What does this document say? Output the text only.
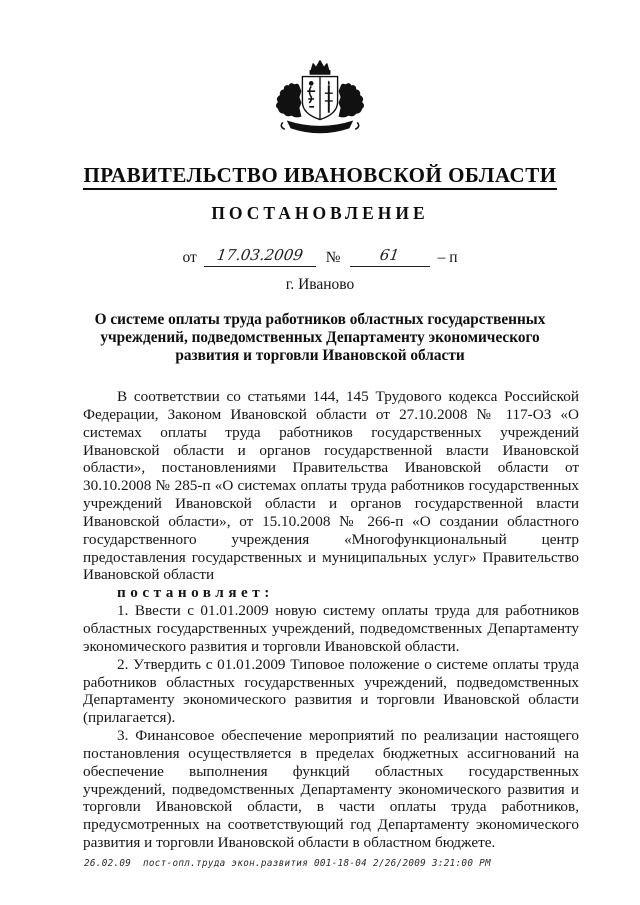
ПРАВИТЕЛЬСТВО ИВАНОВСКОЙ ОБЛАСТИ
ПОСТАНОВЛЕНИЕ
от	17.03.2009	№	61	– п
г. Иваново
О системе оплаты труда работников областных государственных учреждений, подведомственных Департаменту экономического развития и торговли Ивановской области

В соответствии со статьями 144, 145 Трудового кодекса Российской Федерации, Законом Ивановской области от 27.10.2008 № 117-ОЗ «О системах оплаты труда работников государственных учреждений Ивановской области и органов государственной власти Ивановской области», постановлениями Правительства Ивановской области от 30.10.2008 № 285-п «О системах оплаты труда работников государственных учреждений Ивановской области и органов государственной власти Ивановской области», от 15.10.2008 № 266-п «О создании областного государственного учреждения «Многофункциональный центр предоставления государственных и муниципальных услуг» Правительство Ивановской области

постановляет:

1. Ввести с 01.01.2009 новую систему оплаты труда для работников областных государственных учреждений, подведомственных Департаменту экономического развития и торговли Ивановской области.

2. Утвердить с 01.01.2009 Типовое положение о системе оплаты труда работников областных государственных учреждений, подведомственных Департаменту экономического развития и торговли Ивановской области (прилагается).

3. Финансовое обеспечение мероприятий по реализации настоящего постановления осуществляется в пределах бюджетных ассигнований на обеспечение выполнения функций областных государственных учреждений, подведомственных Департаменту экономического развития и торговли Ивановской области, в части оплаты труда работников, предусмотренных на соответствующий год Департаменту экономического развития и торговли Ивановской области в областном бюджете.

26.02.09  пост-опл.труда экон.развития 001-18-04 2/26/2009 3:21:00 PM
